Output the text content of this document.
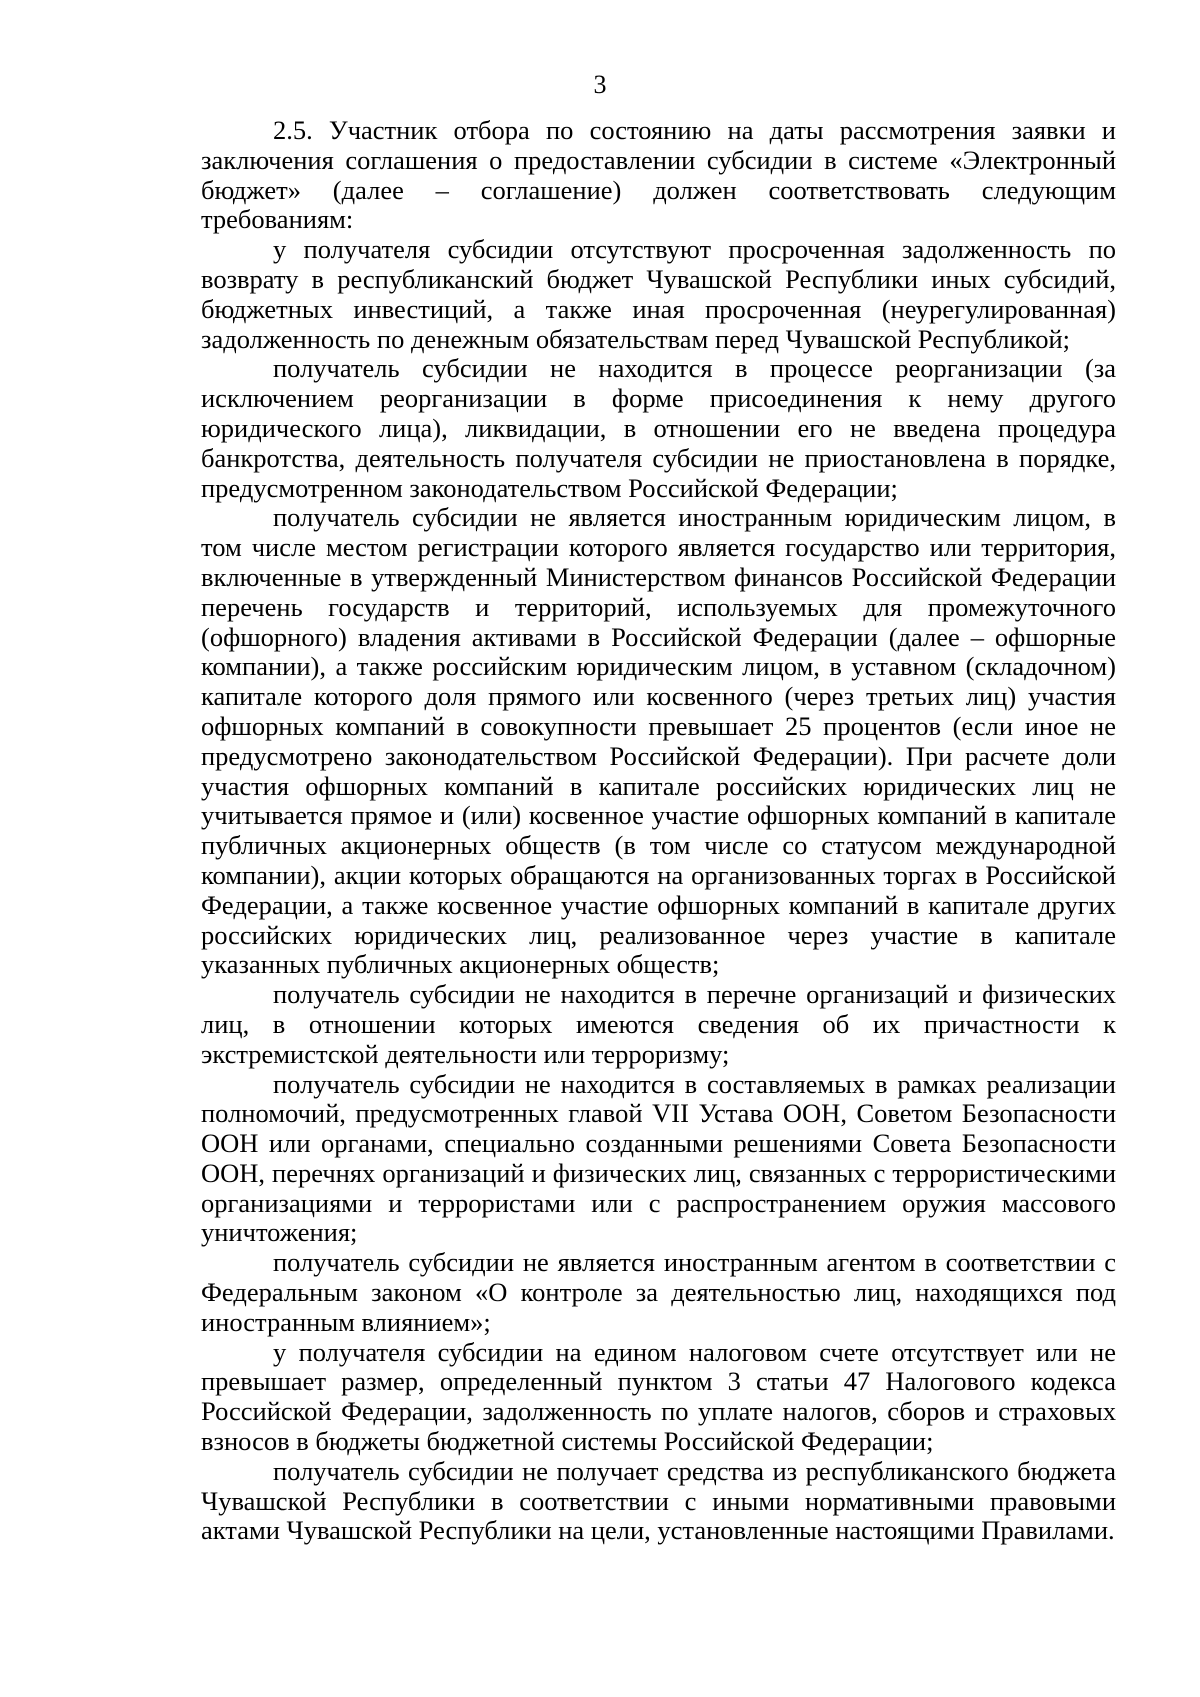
3

2.5. Участник отбора по состоянию на даты рассмотрения заявки и заключения соглашения о предоставлении субсидии в системе «Электронный бюджет» (далее – соглашение) должен соответствовать следующим требованиям:

у получателя субсидии отсутствуют просроченная задолженность по возврату в республиканский бюджет Чувашской Республики иных субсидий, бюджетных инвестиций, а также иная просроченная (неурегулированная) задолженность по денежным обязательствам перед Чувашской Республикой;

получатель субсидии не находится в процессе реорганизации (за исключением реорганизации в форме присоединения к нему другого юридического лица), ликвидации, в отношении его не введена процедура банкротства, деятельность получателя субсидии не приостановлена в порядке, предусмотренном законодательством Российской Федерации;

получатель субсидии не является иностранным юридическим лицом, в том числе местом регистрации которого является государство или территория, включенные в утвержденный Министерством финансов Российской Федерации перечень государств и территорий, используемых для промежуточного (офшорного) владения активами в Российской Федерации (далее – офшорные компании), а также российским юридическим лицом, в уставном (складочном) капитале которого доля прямого или косвенного (через третьих лиц) участия офшорных компаний в совокупности превышает 25 процентов (если иное не предусмотрено законодательством Российской Федерации). При расчете доли участия офшорных компаний в капитале российских юридических лиц не учитывается прямое и (или) косвенное участие офшорных компаний в капитале публичных акционерных обществ (в том числе со статусом международной компании), акции которых обращаются на организованных торгах в Российской Федерации, а также косвенное участие офшорных компаний в капитале других российских юридических лиц, реализованное через участие в капитале указанных публичных акционерных обществ;

получатель субсидии не находится в перечне организаций и физических лиц, в отношении которых имеются сведения об их причастности к экстремистской деятельности или терроризму;

получатель субсидии не находится в составляемых в рамках реализации полномочий, предусмотренных главой VII Устава ООН, Советом Безопасности ООН или органами, специально созданными решениями Совета Безопасности ООН, перечнях организаций и физических лиц, связанных с террористическими организациями и террористами или с распространением оружия массового уничтожения;

получатель субсидии не является иностранным агентом в соответствии с Федеральным законом «О контроле за деятельностью лиц, находящихся под иностранным влиянием»;

у получателя субсидии на едином налоговом счете отсутствует или не превышает размер, определенный пунктом 3 статьи 47 Налогового кодекса Российской Федерации, задолженность по уплате налогов, сборов и страховых взносов в бюджеты бюджетной системы Российской Федерации;

получатель субсидии не получает средства из республиканского бюджета Чувашской Республики в соответствии с иными нормативными правовыми актами Чувашской Республики на цели, установленные настоящими Правилами.
